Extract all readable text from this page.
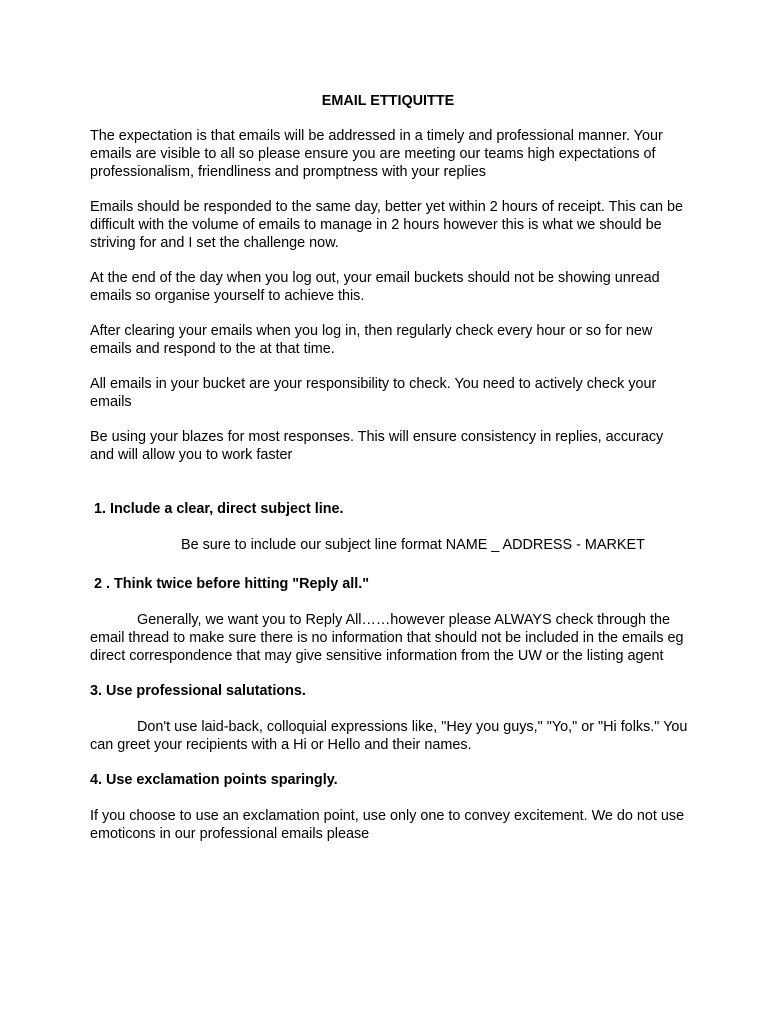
EMAIL ETTIQUITTE

The expectation is that emails will be addressed in a timely and professional manner. Your emails are visible to all so please ensure you are meeting our teams high expectations of professionalism, friendliness and promptness with your replies

Emails should be responded to the same day, better yet within 2 hours of receipt. This can be difficult with the volume of emails to manage in 2 hours however this is what we should be striving for and I set the challenge now.

At the end of the day when you log out, your email buckets should not be showing unread emails so organise yourself to achieve this.

After clearing your emails when you log in, then regularly check every hour or so for new emails and respond to the at that time.

All emails in your bucket are your responsibility to check. You need to actively check your emails

Be using your blazes for most responses. This will ensure consistency in replies, accuracy and will allow you to work faster

1. Include a clear, direct subject line.
Be sure to include our subject line format NAME _ ADDRESS - MARKET
2 . Think twice before hitting "Reply all."

Generally, we want you to Reply All……however please ALWAYS check through the email thread to make sure there is no information that should not be included in the emails eg direct correspondence that may give sensitive information from the UW or the listing agent

3. Use professional salutations.

Don't use laid-back, colloquial expressions like, "Hey you guys," "Yo," or "Hi folks." You can greet your recipients with a Hi or Hello and their names.

4. Use exclamation points sparingly.

If you choose to use an exclamation point, use only one to convey excitement. We do not use emoticons in our professional emails please
